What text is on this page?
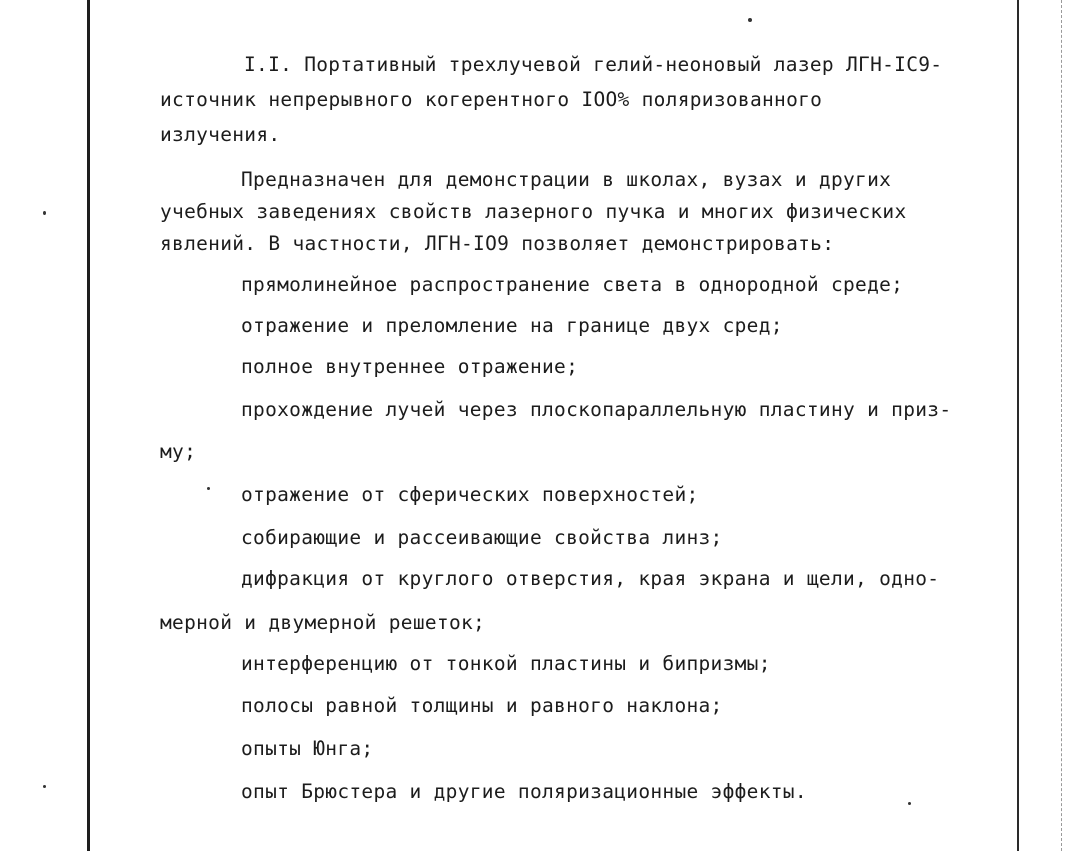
I.I. Портативный трехлучевой гелий-неоновый лазер ЛГН-IC9-
источник непрерывного когерентного IOO% поляризованного
излучения.
Предназначен для демонстрации в школах, вузах и других
учебных заведениях свойств лазерного пучка и многих физических
явлений. В частности, ЛГН-IO9 позволяет демонстрировать:
прямолинейное распространение света в однородной среде;
отражение и преломление на границе двух сред;
полное внутреннее отражение;
прохождение лучей через плоскопараллельную пластину и приз-
му;
отражение от сферических поверхностей;
собирающие и рассеивающие свойства линз;
дифракция от круглого отверстия, края экрана и щели, одно-
мерной и двумерной решеток;
интерференцию от тонкой пластины и бипризмы;
полосы равной толщины и равного наклона;
опыты Юнга;
опыт Брюстера и другие поляризационные эффекты.
